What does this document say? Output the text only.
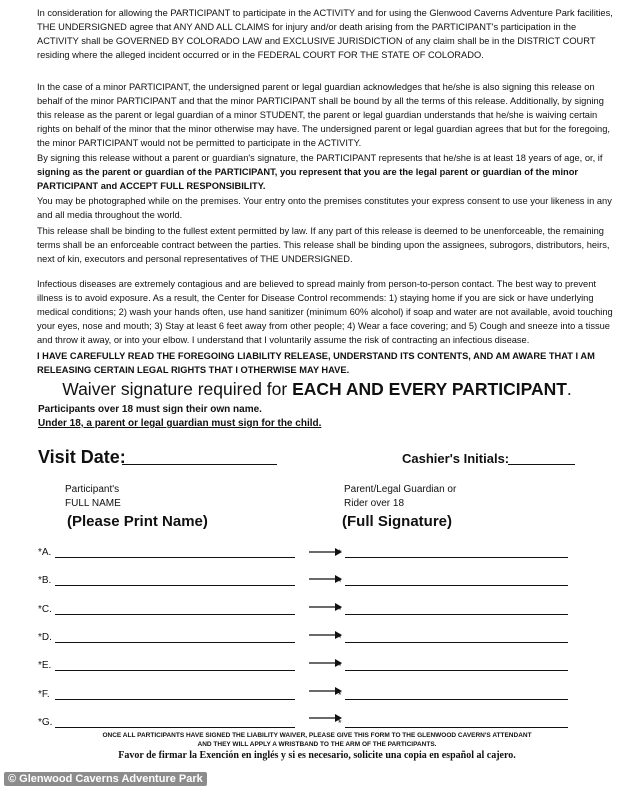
In consideration for allowing the PARTICIPANT to participate in the ACTIVITY and for using the Glenwood Caverns Adventure Park facilities, THE UNDERSIGNED agree that ANY AND ALL CLAIMS for injury and/or death arising from the PARTICIPANT's participation in the ACTIVITY shall be GOVERNED BY COLORADO LAW and EXCLUSIVE JURISDICTION of any claim shall be in the DISTRICT COURT residing where the alleged incident occurred or in the FEDERAL COURT FOR THE STATE OF COLORADO.

In the case of a minor PARTICIPANT, the undersigned parent or legal guardian acknowledges that he/she is also signing this release on behalf of the minor PARTICIPANT and that the minor PARTICIPANT shall be bound by all the terms of this release. Additionally, by signing this release as the parent or legal guardian of a minor STUDENT, the parent or legal guardian understands that he/she is waiving certain rights on behalf of the minor that the minor otherwise may have. The undersigned parent or legal guardian agrees that but for the foregoing, the minor PARTICIPANT would not be permitted to participate in the ACTIVITY.

By signing this release without a parent or guardian's signature, the PARTICIPANT represents that he/she is at least 18 years of age, or, if signing as the parent or guardian of the PARTICIPANT, you represent that you are the legal parent or guardian of the minor PARTICIPANT and ACCEPT FULL RESPONSIBILITY.

You may be photographed while on the premises. Your entry onto the premises constitutes your express consent to use your likeness in any and all media throughout the world.

This release shall be binding to the fullest extent permitted by law. If any part of this release is deemed to be unenforceable, the remaining terms shall be an enforceable contract between the parties. This release shall be binding upon the assignees, subrogors, distributors, heirs, next of kin, executors and personal representatives of THE UNDERSIGNED.

Infectious diseases are extremely contagious and are believed to spread mainly from person-to-person contact. The best way to prevent illness is to avoid exposure. As a result, the Center for Disease Control recommends: 1) staying home if you are sick or have underlying medical conditions; 2) wash your hands often, use hand sanitizer (minimum 60% alcohol) if soap and water are not available, avoid touching your eyes, nose and mouth; 3) Stay at least 6 feet away from other people; 4) Wear a face covering; and 5) Cough and sneeze into a tissue and throw it away, or into your elbow. I understand that I voluntarily assume the risk of contracting an infectious disease.

I HAVE CAREFULLY READ THE FOREGOING LIABILITY RELEASE, UNDERSTAND ITS CONTENTS, AND AM AWARE THAT I AM RELEASING CERTAIN LEGAL RIGHTS THAT I OTHERWISE MAY HAVE.

Waiver signature required for EACH AND EVERY PARTICIPANT.
Participants over 18 must sign their own name.
Under 18, a parent or legal guardian must sign for the child.
Visit Date:	Cashier's Initials:
Participant's
FULL NAME
(Please Print Name)
Parent/Legal Guardian or
Rider over 18
(Full Signature)
*A.	*
*B.	*
*C.	*
*D.	*
*E.	*
*F.	*
*G.	*
ONCE ALL PARTICIPANTS HAVE SIGNED THE LIABILITY WAIVER, PLEASE GIVE THIS FORM TO THE GLENWOOD CAVERN'S ATTENDANT
AND THEY WILL APPLY A WRISTBAND TO THE ARM OF THE PARTICIPANTS.
Favor de firmar la Exención en inglés y si es necesario, solicite una copia en español al cajero.
© Glenwood Caverns Adventure Park
